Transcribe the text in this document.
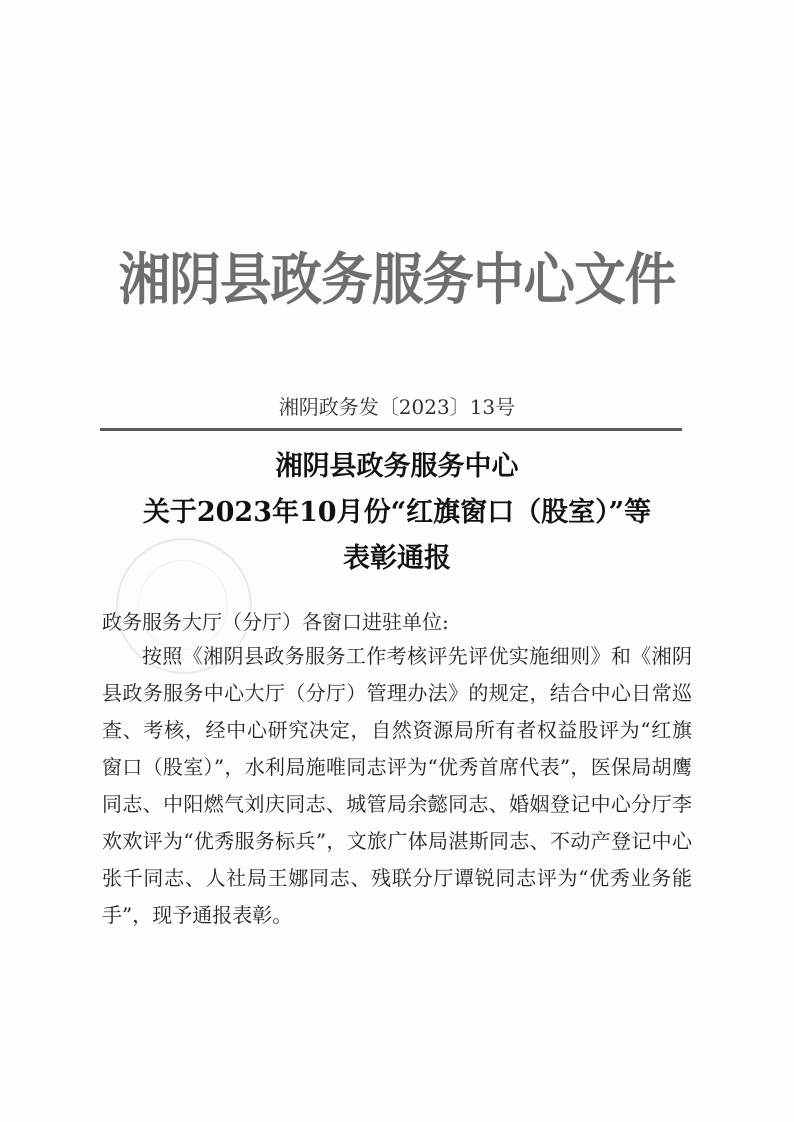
湘阴县政务服务中心文件
湘阴政务发〔2023〕13号
湘阴县政务服务中心
关于2023年10月份“红旗窗口（股室）”等
表彰通报
政务服务大厅（分厅）各窗口进驻单位:
按照《湘阴县政务服务工作考核评先评优实施细则》和《湘阴县政务服务中心大厅（分厅）管理办法》的规定，结合中心日常巡查、考核，经中心研究决定，自然资源局所有者权益股评为“红旗窗口（股室）”，水利局施唯同志评为“优秀首席代表”，医保局胡鹰同志、中阳燃气刘庆同志、城管局余懿同志、婚姻登记中心分厅李欢欢评为“优秀服务标兵”，文旅广体局湛斯同志、不动产登记中心张千同志、人社局王娜同志、残联分厅谭锐同志评为“优秀业务能手”，现予通报表彰。
